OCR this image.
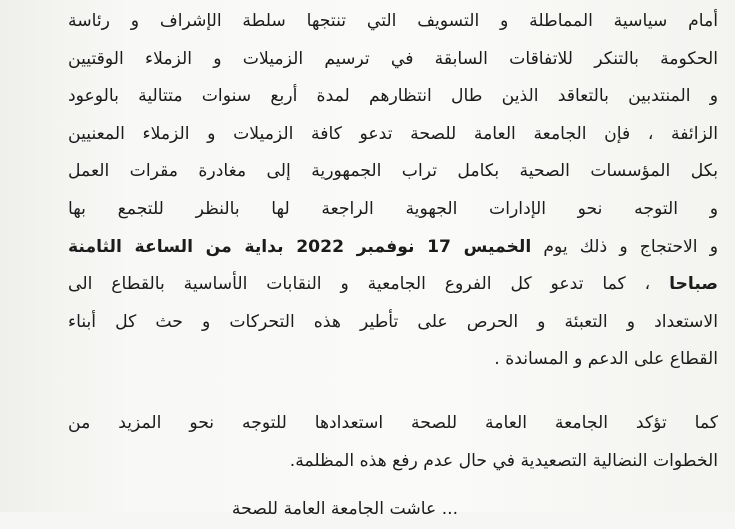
أمام سياسية المماطلة و التسويف التي تنتجها سلطة الإشراف و رئاسة
الحكومة بالتنكر للاتفاقات السابقة في ترسيم الزميلات و الزملاء الوقتيين
و المنتدبين بالتعاقد الذين طال انتظارهم لمدة أربع سنوات متتالية بالوعود
الزائفة ، فإن الجامعة العامة للصحة تدعو كافة الزميلات و الزملاء المعنيين
بكل المؤسسات الصحية بكامل تراب الجمهورية إلى مغادرة مقرات العمل
و التوجه نحو الإدارات الجهوية الراجعة لها بالنظر للتجمع بها
و الاحتجاج و ذلك يوم الخميس 17 نوفمبر 2022 بداية من الساعة الثامنة
صباحا ، كما تدعو كل الفروع الجامعية و النقابات الأساسية بالقطاع الى
الاستعداد و التعبئة و الحرص على تأطير هذه التحركات و حث كل أبناء
القطاع على الدعم و المساندة .
كما تؤكد الجامعة العامة للصحة استعدادها للتوجه نحو المزيد من
الخطوات النضالية التصعيدية في حال عدم رفع هذه المظلمة.
... عاشت الجامعة العامة للصحة
